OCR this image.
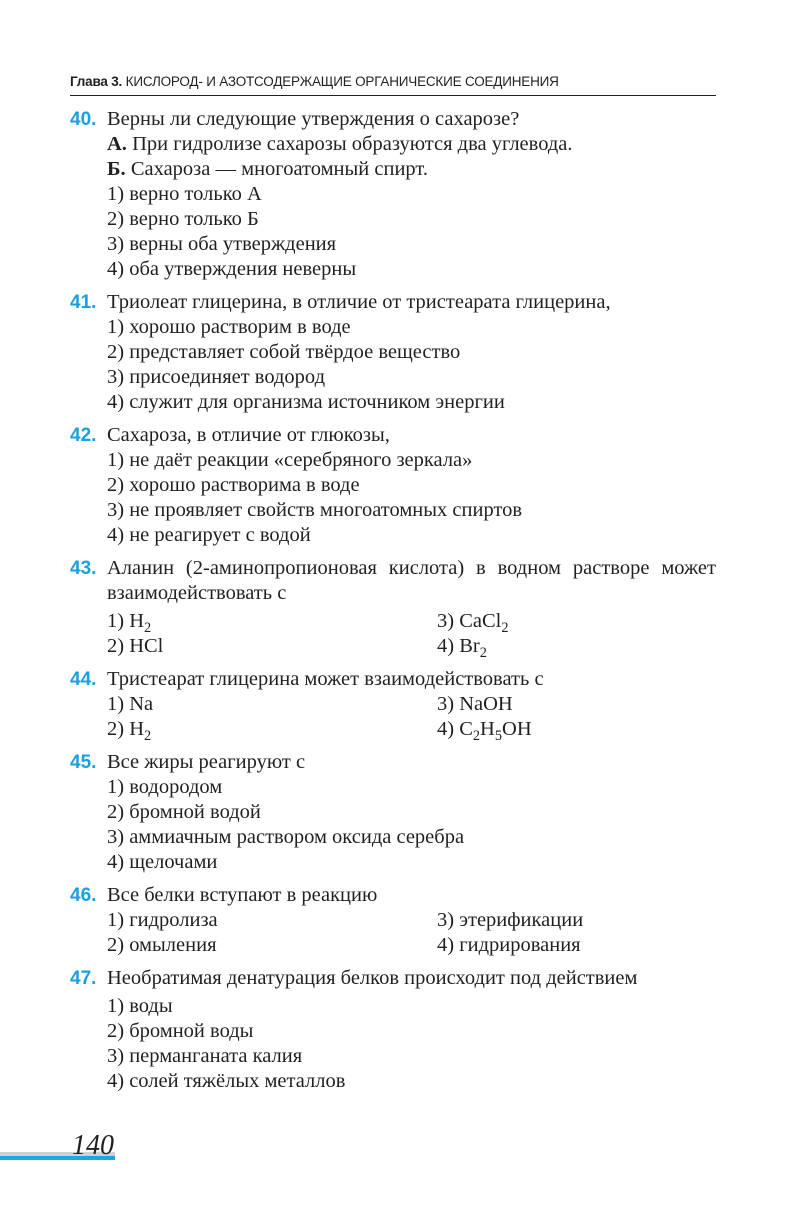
Глава 3. КИСЛОРОД- И АЗОТСОДЕРЖАЩИЕ ОРГАНИЧЕСКИЕ СОЕДИНЕНИЯ
40. Верны ли следующие утверждения о сахарозе?
А. При гидролизе сахарозы образуются два углевода.
Б. Сахароза — многоатомный спирт.
1) верно только А
2) верно только Б
3) верны оба утверждения
4) оба утверждения неверны
41. Триолеат глицерина, в отличие от тристеарата глицерина,
1) хорошо растворим в воде
2) представляет собой твёрдое вещество
3) присоединяет водород
4) служит для организма источником энергии
42. Сахароза, в отличие от глюкозы,
1) не даёт реакции «серебряного зеркала»
2) хорошо растворима в воде
3) не проявляет свойств многоатомных спиртов
4) не реагирует с водой
43. Аланин (2-аминопропионовая кислота) в водном растворе может взаимодействовать с
1) $H_2$	3) CaCl$_2$
2) HCl	4) $Br_2$
44. Тристеарат глицерина может взаимодействовать с
1) Na	3) NaOH
2) $H_2$	4) $C_2H_5OH$
45. Все жиры реагируют с
1) водородом
2) бромной водой
3) аммиачным раствором оксида серебра
4) щелочами
46. Все белки вступают в реакцию
1) гидролиза	3) этерификации
2) омыления	4) гидрирования
47. Необратимая денатурация белков происходит под действием
1) воды
2) бромной воды
3) перманганата калия
4) солей тяжёлых металлов
140
